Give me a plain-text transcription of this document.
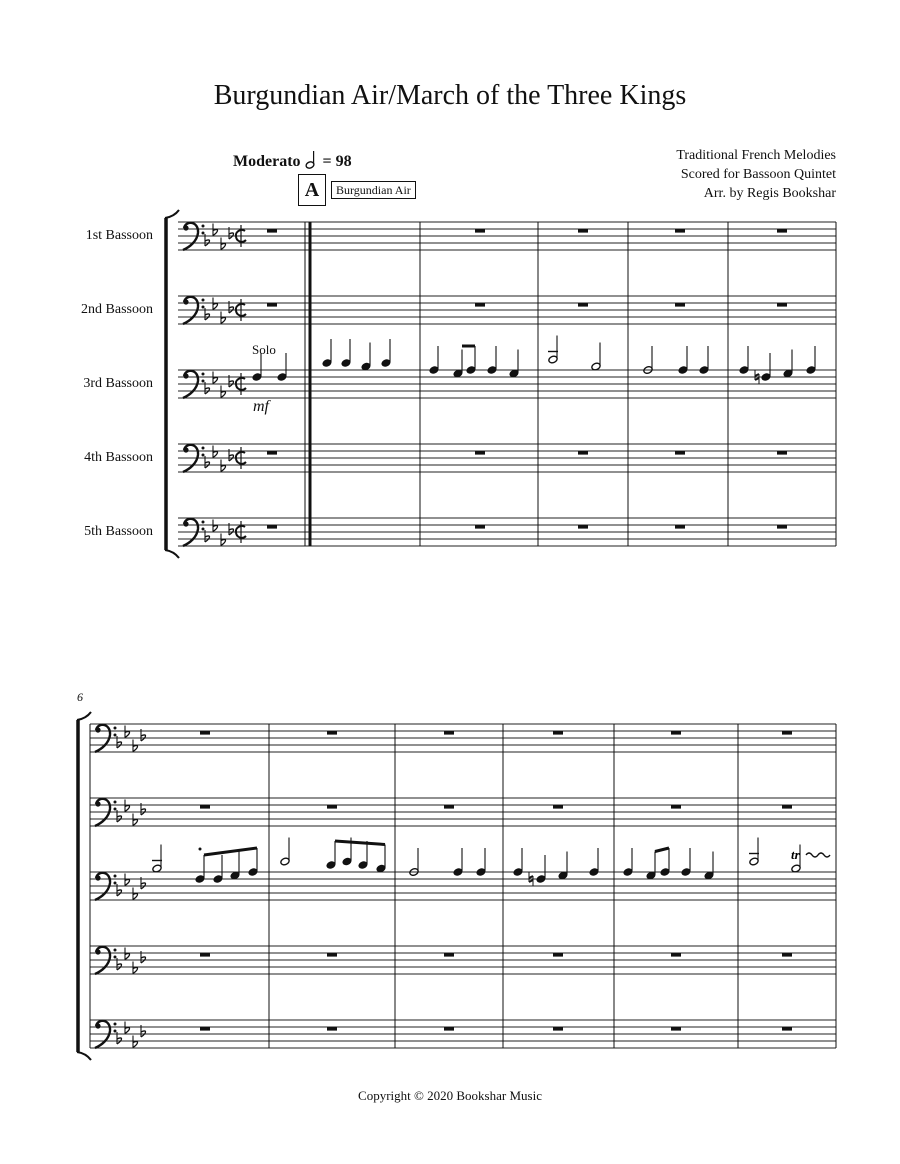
Burgundian Air/March of the Three Kings
Traditional French Melodies
Scored for Bassoon Quintet
Arr. by Regis Bookshar
Moderato = 98
A	Burgundian Air
1st Bassoon
2nd Bassoon
3rd Bassoon
4th Bassoon
5th Bassoon
Solo
mf
6
tr
Copyright © 2020 Bookshar Music
